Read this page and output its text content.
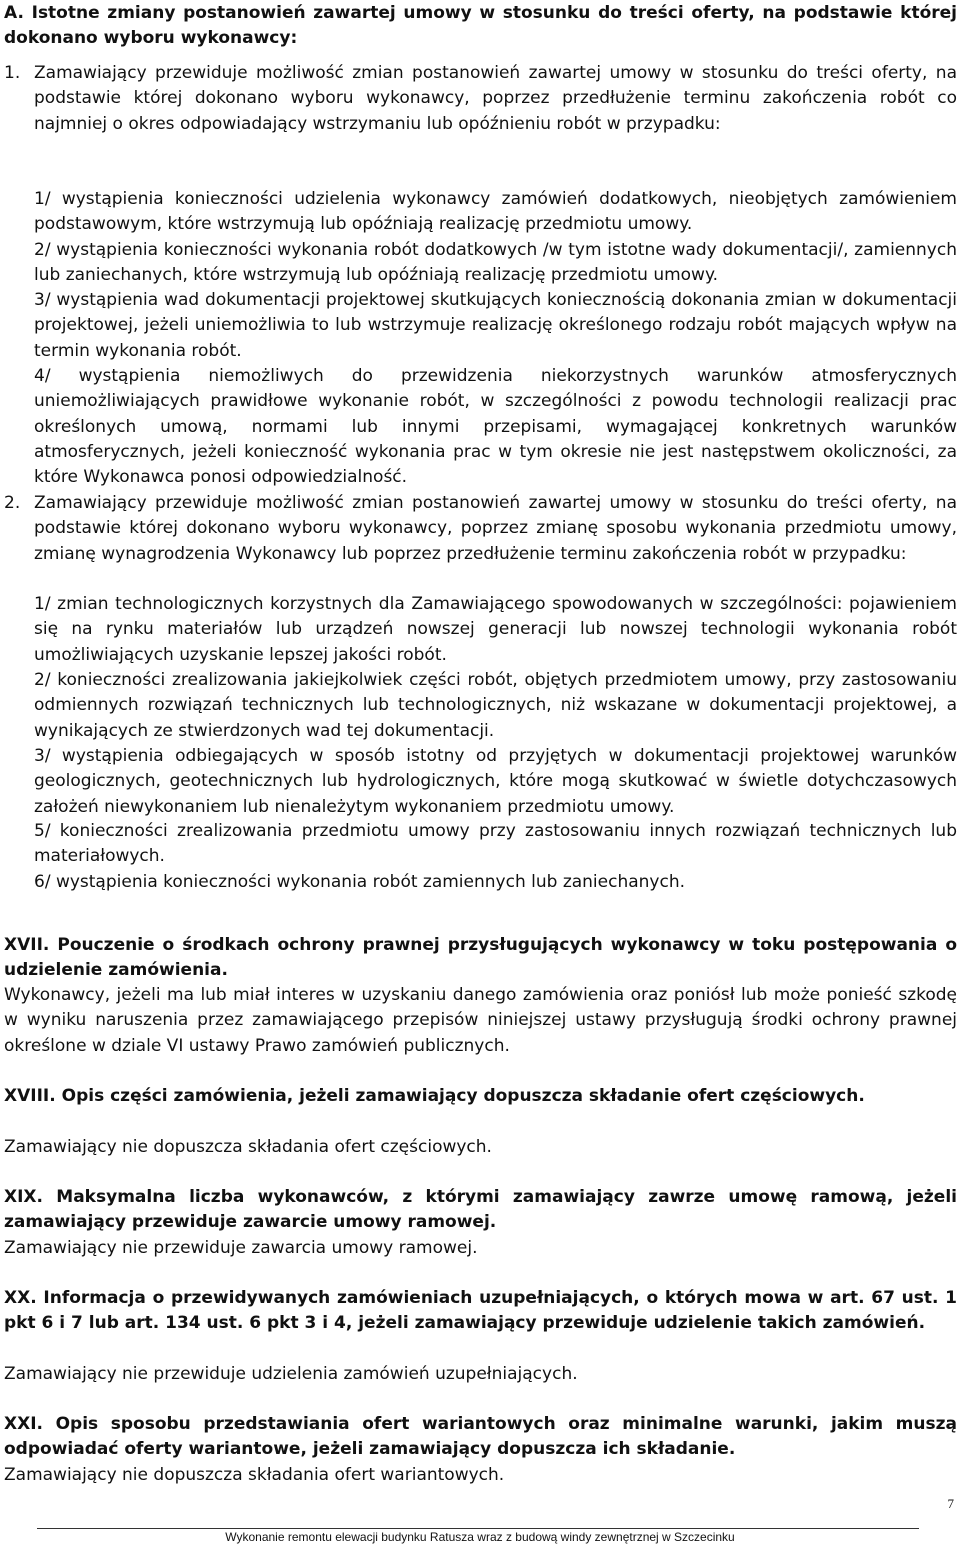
A. Istotne zmiany postanowień zawartej umowy w stosunku do treści oferty, na podstawie której dokonano wyboru wykonawcy:

1. Zamawiający przewiduje możliwość zmian postanowień zawartej umowy w stosunku do treści oferty, na podstawie której dokonano wyboru wykonawcy, poprzez przedłużenie terminu zakończenia robót co najmniej o okres odpowiadający wstrzymaniu lub opóźnieniu robót w przypadku:

1/ wystąpienia konieczności udzielenia wykonawcy zamówień dodatkowych, nieobjętych zamówieniem podstawowym, które wstrzymują lub opóźniają realizację przedmiotu umowy.

2/ wystąpienia konieczności wykonania robót dodatkowych /w tym istotne wady dokumentacji/, zamiennych lub zaniechanych, które wstrzymują lub opóźniają realizację przedmiotu umowy.

3/ wystąpienia wad dokumentacji projektowej skutkujących koniecznością dokonania zmian w dokumentacji projektowej, jeżeli uniemożliwia to lub wstrzymuje realizację określonego rodzaju robót mających wpływ na termin wykonania robót.

4/ wystąpienia niemożliwych do przewidzenia niekorzystnych warunków atmosferycznych uniemożliwiających prawidłowe wykonanie robót, w szczególności z powodu technologii realizacji prac określonych umową, normami lub innymi przepisami, wymagającej konkretnych warunków atmosferycznych, jeżeli konieczność wykonania prac w tym okresie nie jest następstwem okoliczności, za które Wykonawca ponosi odpowiedzialność.

2. Zamawiający przewiduje możliwość zmian postanowień zawartej umowy w stosunku do treści oferty, na podstawie której dokonano wyboru wykonawcy, poprzez zmianę sposobu wykonania przedmiotu umowy, zmianę wynagrodzenia Wykonawcy lub poprzez przedłużenie terminu zakończenia robót w przypadku:

1/ zmian technologicznych korzystnych dla Zamawiającego spowodowanych w szczególności: pojawieniem się na rynku materiałów lub urządzeń nowszej generacji lub nowszej technologii wykonania robót umożliwiających uzyskanie lepszej jakości robót.

2/ konieczności zrealizowania jakiejkolwiek części robót, objętych przedmiotem umowy, przy zastosowaniu odmiennych rozwiązań technicznych lub technologicznych, niż wskazane w dokumentacji projektowej, a wynikających ze stwierdzonych wad tej dokumentacji.

3/ wystąpienia odbiegających w sposób istotny od przyjętych w dokumentacji projektowej warunków geologicznych, geotechnicznych lub hydrologicznych, które mogą skutkować w świetle dotychczasowych założeń niewykonaniem lub nienależytym wykonaniem przedmiotu umowy.

5/ konieczności zrealizowania przedmiotu umowy przy zastosowaniu innych rozwiązań technicznych lub materiałowych.

6/ wystąpienia konieczności wykonania robót zamiennych lub zaniechanych.

XVII. Pouczenie o środkach ochrony prawnej przysługujących wykonawcy w toku postępowania o udzielenie zamówienia.

Wykonawcy, jeżeli ma lub miał interes w uzyskaniu danego zamówienia oraz poniósł lub może ponieść szkodę w wyniku naruszenia przez zamawiającego przepisów niniejszej ustawy przysługują środki ochrony prawnej określone w dziale VI ustawy Prawo zamówień publicznych.

XVIII. Opis części zamówienia, jeżeli zamawiający dopuszcza składanie ofert częściowych.

Zamawiający nie dopuszcza składania ofert częściowych.

XIX. Maksymalna liczba wykonawców, z którymi zamawiający zawrze umowę ramową, jeżeli zamawiający przewiduje zawarcie umowy ramowej.

Zamawiający nie przewiduje zawarcia umowy ramowej.

XX. Informacja o przewidywanych zamówieniach uzupełniających, o których mowa w art. 67 ust. 1 pkt 6 i 7 lub art. 134 ust. 6 pkt 3 i 4, jeżeli zamawiający przewiduje udzielenie takich zamówień.

Zamawiający nie przewiduje udzielenia zamówień uzupełniających.

XXI. Opis sposobu przedstawiania ofert wariantowych oraz minimalne warunki, jakim muszą odpowiadać oferty wariantowe, jeżeli zamawiający dopuszcza ich składanie.

Zamawiający nie dopuszcza składania ofert wariantowych.

7
Wykonanie remontu elewacji budynku Ratusza wraz z budową windy zewnętrznej w Szczecinku
